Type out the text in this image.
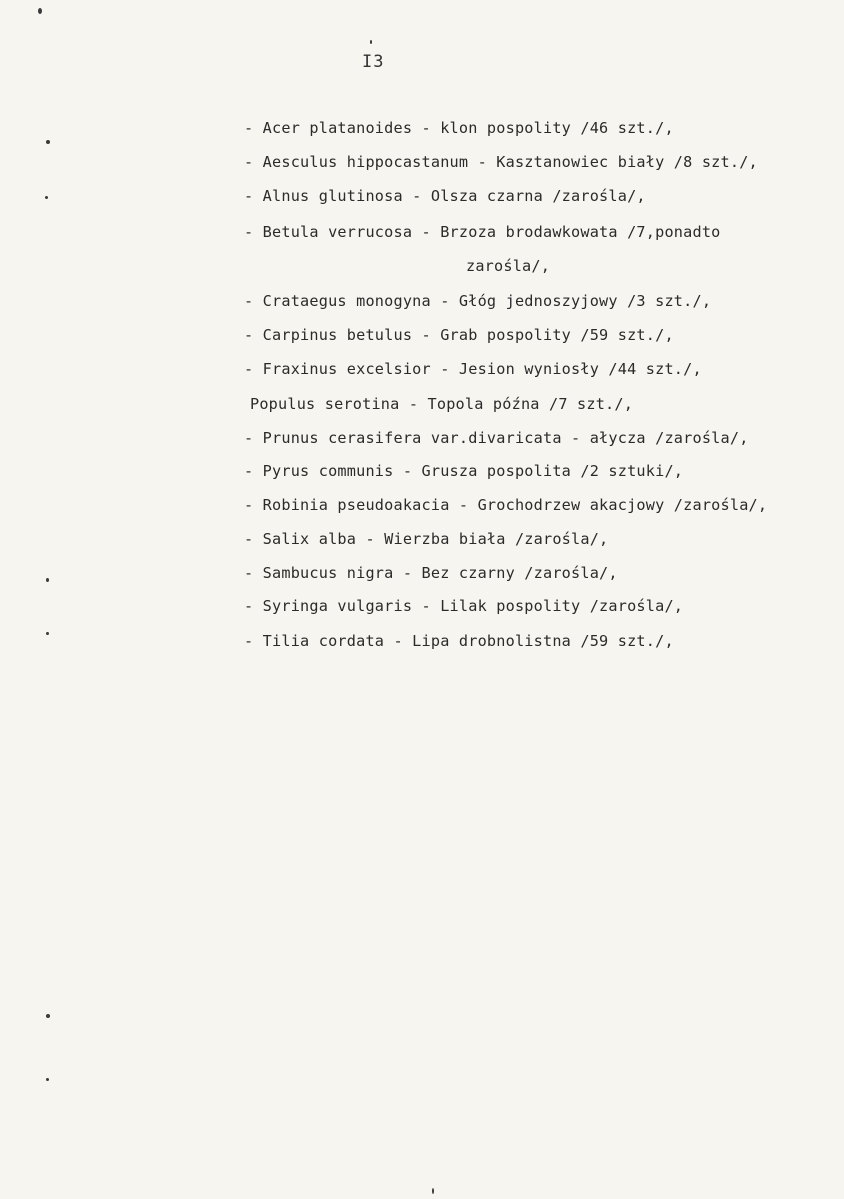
I3
- Acer platanoides - klon pospolity /46 szt./,
- Aesculus hippocastanum - Kasztanowiec biały /8 szt./,
- Alnus glutinosa - Olsza czarna /zarośla/,
- Betula verrucosa - Brzoza brodawkowata /7,ponadto
zarośla/,
- Crataegus monogyna - Głóg jednoszyjowy /3 szt./,
- Carpinus betulus - Grab pospolity /59 szt./,
- Fraxinus excelsior - Jesion wyniosły /44 szt./,
Populus serotina - Topola późna /7 szt./,
- Prunus cerasifera var.divaricata - ałycza /zarośla/,
- Pyrus communis - Grusza pospolita /2 sztuki/,
- Robinia pseudoakacia - Grochodrzew akacjowy /zarośla/,
- Salix alba - Wierzba biała /zarośla/,
- Sambucus nigra - Bez czarny /zarośla/,
- Syringa vulgaris - Lilak pospolity /zarośla/,
- Tilia cordata - Lipa drobnolistna /59 szt./,
